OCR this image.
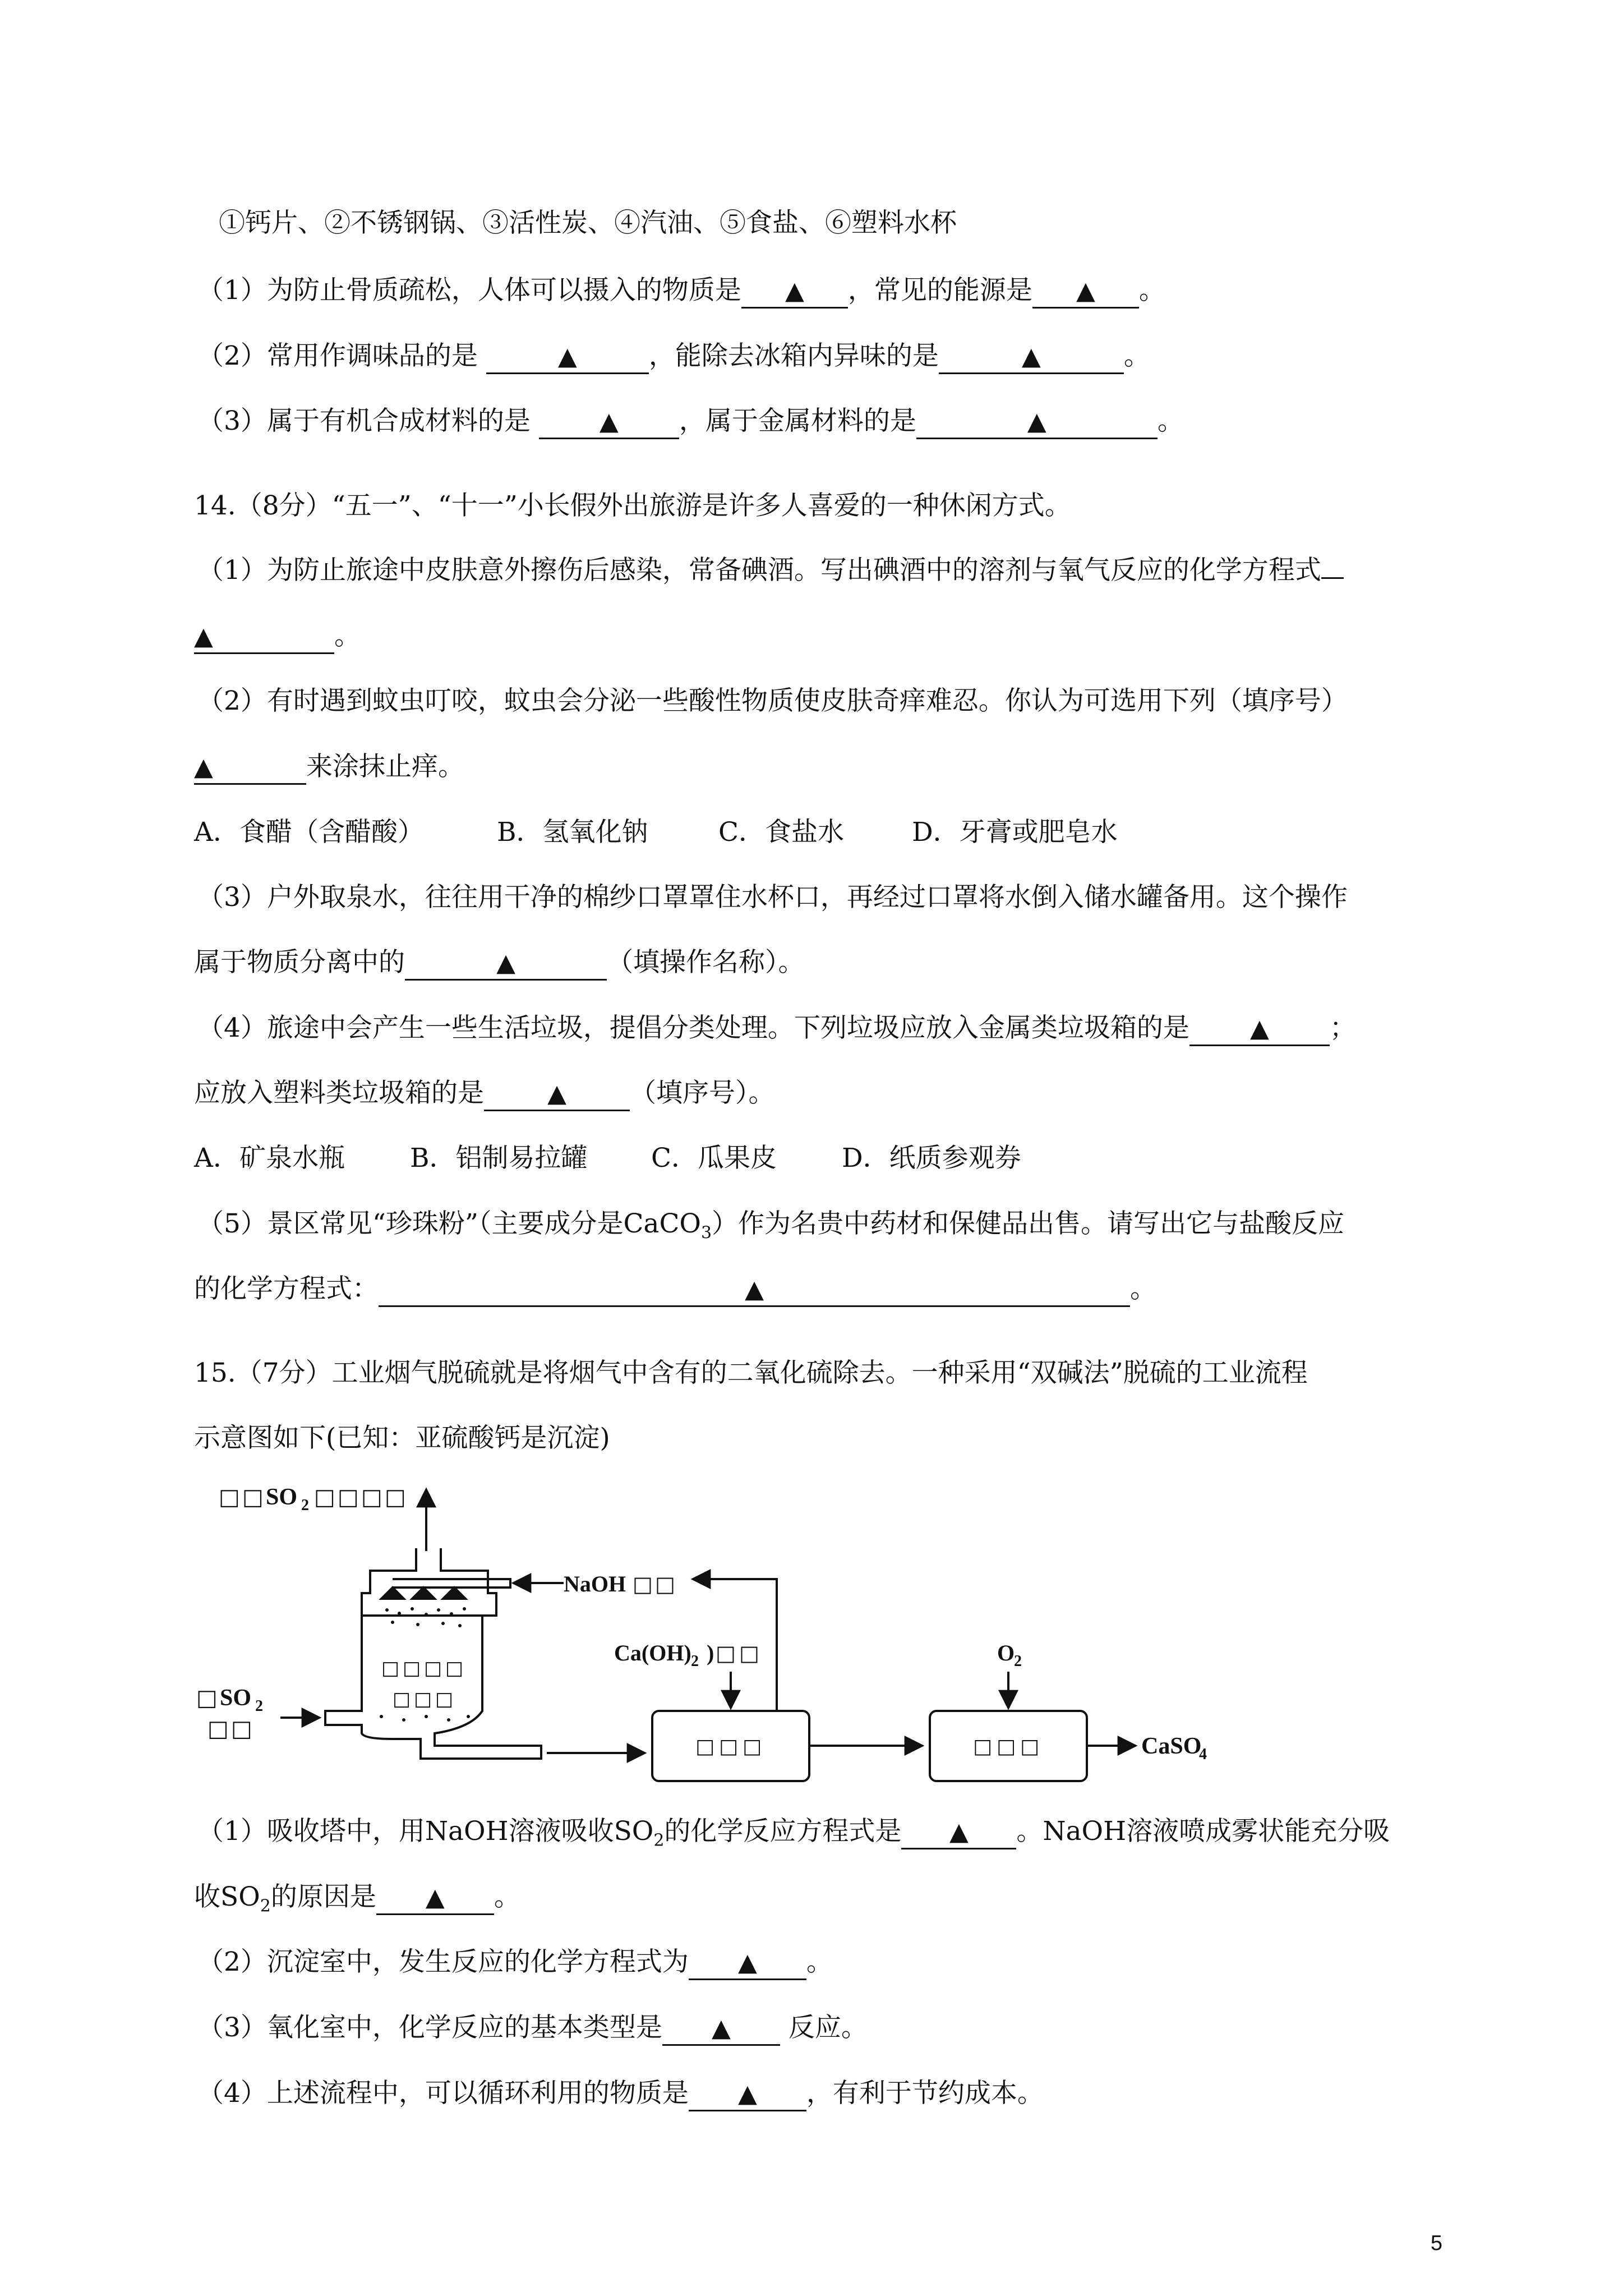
①钙片、②不锈钢锅、③活性炭、④汽油、⑤食盐、⑥塑料水杯
（1）为防止骨质疏松，人体可以摄入的物质是 ▲ ，常见的能源是 ▲ 。
（2）常用作调味品的是	▲	，能除去冰箱内异味的是	▲	。
（3）属于有机合成材料的是 ▲ ，属于金属材料的是	▲	。
14.（8分）“五一”、“十一”小长假外出旅游是许多人喜爱的一种休闲方式。
（1）为防止旅途中皮肤意外擦伤后感染，常备碘酒。写出碘酒中的溶剂与氧气反应的化学方程式
▲	。
（2）有时遇到蚊虫叮咬，蚊虫会分泌一些酸性物质使皮肤奇痒难忍。你认为可选用下列（填序号）
▲	来涂抹止痒。
A．食醋（含醋酸）	B．氢氧化钠	C．食盐水	D．牙膏或肥皂水
（3）户外取泉水，往往用干净的棉纱口罩罩住水杯口，再经过口罩将水倒入储水罐备用。这个操作
属于物质分离中的	▲	（填操作名称）。
（4）旅途中会产生一些生活垃圾，提倡分类处理。下列垃圾应放入金属类垃圾箱的是 ▲ ；
应放入塑料类垃圾箱的是	▲ （填序号）。
A．矿泉水瓶 B．铝制易拉罐 C．瓜果皮 D．纸质参观券
（5）景区常见“珍珠粉”（主要成分是CaCO$_3$）作为名贵中药材和保健品出售。请写出它与盐酸反应
的化学方程式：	▲	。
15.（7分）工业烟气脱硫就是将烟气中含有的二氧化硫除去。一种采用“双碱法”脱硫的工业流程
示意图如下(已知：亚硫酸钙是沉淀)
□ □ SO 2 □ □ □ □
NaOH □ □
Ca(OH) 2 ) □ □	O
2
□ SO 2
□ □
□ □ □ □
□ □ □
□ □ □	□ □ □	CaSO
4
（1）吸收塔中，用NaOH溶液吸收$SO_2$的化学反应方程式是 ▲ 。NaOH溶液喷成雾状能充分吸
收$SO_2$的原因是 ▲ 。
（2）沉淀室中，发生反应的化学方程式为 ▲ 。
（3）氧化室中，化学反应的基本类型是 ▲ 反应。
（4）上述流程中，可以循环利用的物质是 ▲ ，有利于节约成本。
5
